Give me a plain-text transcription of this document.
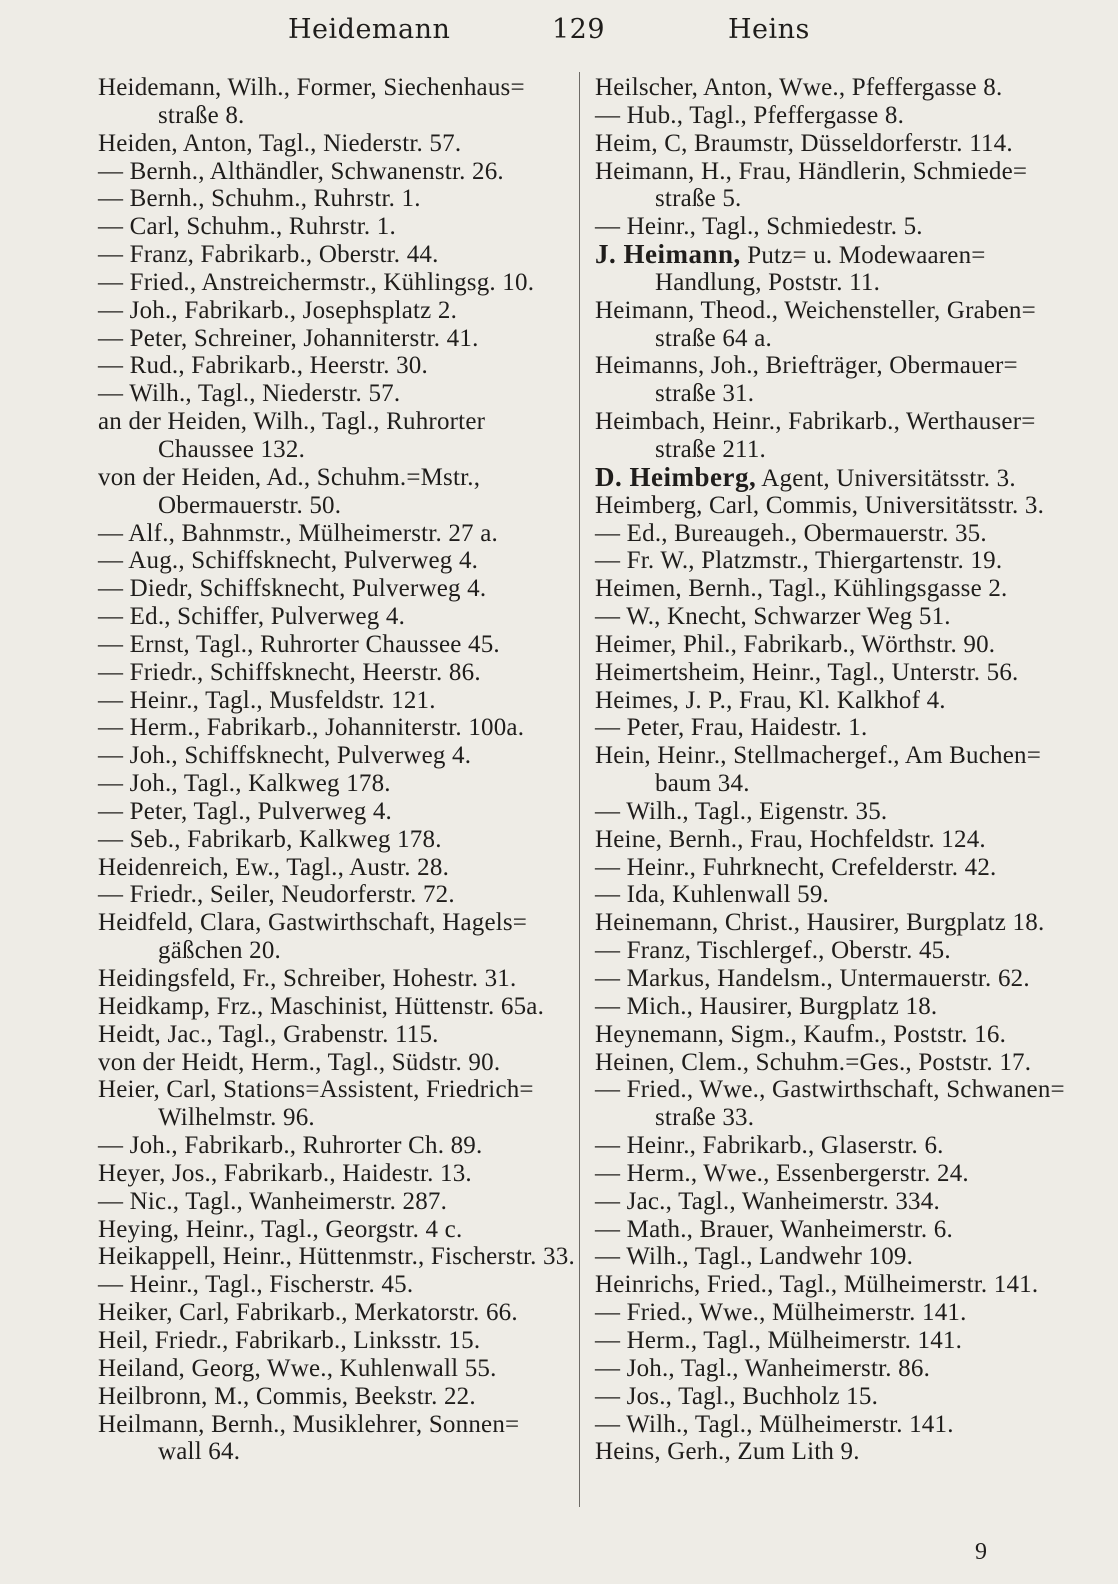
Heidemann	129	Heins
Heidemann, Wilh., Former, Siechenhaus=
straße 8.
Heiden, Anton, Tagl., Niederstr. 57.
— Bernh., Althändler, Schwanenstr. 26.
— Bernh., Schuhm., Ruhrstr. 1.
— Carl, Schuhm., Ruhrstr. 1.
— Franz, Fabrikarb., Oberstr. 44.
— Fried., Anstreichermstr., Kühlingsg. 10.
— Joh., Fabrikarb., Josephsplatz 2.
— Peter, Schreiner, Johanniterstr. 41.
— Rud., Fabrikarb., Heerstr. 30.
— Wilh., Tagl., Niederstr. 57.
an der Heiden, Wilh., Tagl., Ruhrorter
Chaussee 132.
von der Heiden, Ad., Schuhm.=Mstr.,
Obermauerstr. 50.
— Alf., Bahnmstr., Mülheimerstr. 27 a.
— Aug., Schiffsknecht, Pulverweg 4.
— Diedr, Schiffsknecht, Pulverweg 4.
— Ed., Schiffer, Pulverweg 4.
— Ernst, Tagl., Ruhrorter Chaussee 45.
— Friedr., Schiffsknecht, Heerstr. 86.
— Heinr., Tagl., Musfeldstr. 121.
— Herm., Fabrikarb., Johanniterstr. 100a.
— Joh., Schiffsknecht, Pulverweg 4.
— Joh., Tagl., Kalkweg 178.
— Peter, Tagl., Pulverweg 4.
— Seb., Fabrikarb, Kalkweg 178.
Heidenreich, Ew., Tagl., Austr. 28.
— Friedr., Seiler, Neudorferstr. 72.
Heidfeld, Clara, Gastwirthschaft, Hagels=
gäßchen 20.
Heidingsfeld, Fr., Schreiber, Hohestr. 31.
Heidkamp, Frz., Maschinist, Hüttenstr. 65a.
Heidt, Jac., Tagl., Grabenstr. 115.
von der Heidt, Herm., Tagl., Südstr. 90.
Heier, Carl, Stations=Assistent, Friedrich=
Wilhelmstr. 96.
— Joh., Fabrikarb., Ruhrorter Ch. 89.
Heyer, Jos., Fabrikarb., Haidestr. 13.
— Nic., Tagl., Wanheimerstr. 287.
Heying, Heinr., Tagl., Georgstr. 4 c.
Heikappell, Heinr., Hüttenmstr., Fischerstr. 33.
— Heinr., Tagl., Fischerstr. 45.
Heiker, Carl, Fabrikarb., Merkatorstr. 66.
Heil, Friedr., Fabrikarb., Linksstr. 15.
Heiland, Georg, Wwe., Kuhlenwall 55.
Heilbronn, M., Commis, Beekstr. 22.
Heilmann, Bernh., Musiklehrer, Sonnen=
wall 64.
Heilscher, Anton, Wwe., Pfeffergasse 8.
— Hub., Tagl., Pfeffergasse 8.
Heim, C, Braumstr, Düsseldorferstr. 114.
Heimann, H., Frau, Händlerin, Schmiede=
straße 5.
— Heinr., Tagl., Schmiedestr. 5.
J. Heimann, Putz= u. Modewaaren=
Handlung, Poststr. 11.
Heimann, Theod., Weichensteller, Graben=
straße 64 a.
Heimanns, Joh., Briefträger, Obermauer=
straße 31.
Heimbach, Heinr., Fabrikarb., Werthauser=
straße 211.
D. Heimberg, Agent, Universitätsstr. 3.
Heimberg, Carl, Commis, Universitätsstr. 3.
— Ed., Bureaugeh., Obermauerstr. 35.
— Fr. W., Platzmstr., Thiergartenstr. 19.
Heimen, Bernh., Tagl., Kühlingsgasse 2.
— W., Knecht, Schwarzer Weg 51.
Heimer, Phil., Fabrikarb., Wörthstr. 90.
Heimertsheim, Heinr., Tagl., Unterstr. 56.
Heimes, J. P., Frau, Kl. Kalkhof 4.
— Peter, Frau, Haidestr. 1.
Hein, Heinr., Stellmachergef., Am Buchen=
baum 34.
— Wilh., Tagl., Eigenstr. 35.
Heine, Bernh., Frau, Hochfeldstr. 124.
— Heinr., Fuhrknecht, Crefelderstr. 42.
— Ida, Kuhlenwall 59.
Heinemann, Christ., Hausirer, Burgplatz 18.
— Franz, Tischlergef., Oberstr. 45.
— Markus, Handelsm., Untermauerstr. 62.
— Mich., Hausirer, Burgplatz 18.
Heynemann, Sigm., Kaufm., Poststr. 16.
Heinen, Clem., Schuhm.=Ges., Poststr. 17.
— Fried., Wwe., Gastwirthschaft, Schwanen=
straße 33.
— Heinr., Fabrikarb., Glaserstr. 6.
— Herm., Wwe., Essenbergerstr. 24.
— Jac., Tagl., Wanheimerstr. 334.
— Math., Brauer, Wanheimerstr. 6.
— Wilh., Tagl., Landwehr 109.
Heinrichs, Fried., Tagl., Mülheimerstr. 141.
— Fried., Wwe., Mülheimerstr. 141.
— Herm., Tagl., Mülheimerstr. 141.
— Joh., Tagl., Wanheimerstr. 86.
— Jos., Tagl., Buchholz 15.
— Wilh., Tagl., Mülheimerstr. 141.
Heins, Gerh., Zum Lith 9.
9
